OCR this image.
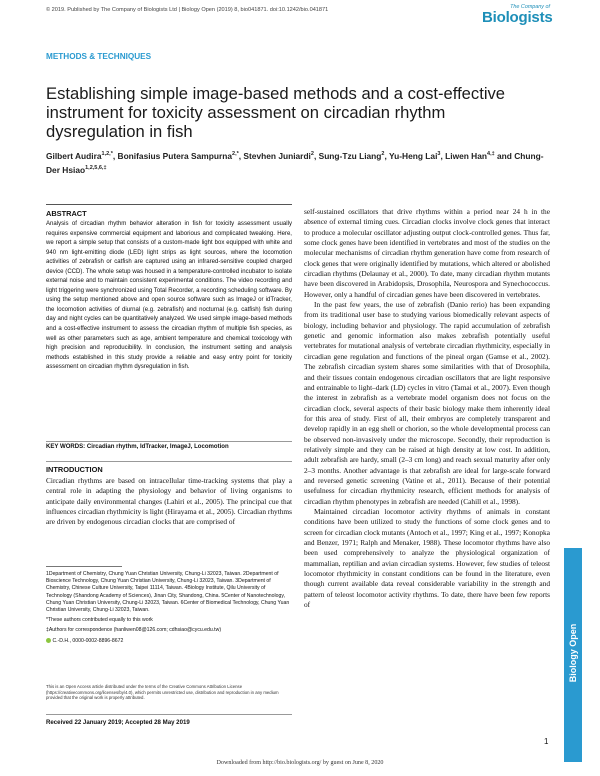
© 2019. Published by The Company of Biologists Ltd | Biology Open (2019) 8, bio041871. doi:10.1242/bio.041871	The Company of
Biologists
METHODS & TECHNIQUES
Establishing simple image-based methods and a cost-effective instrument for toxicity assessment on circadian rhythm dysregulation in fish
Gilbert Audira$^{1,2,*}$, Bonifasius Putera Sampurna$^{2,*}$, Stevhen Juniardi$^2$, Sung-Tzu Liang$^2$, Yu-Heng Lai$^3$, Liwen Han$^{4,\ddagger}$ and Chung-Der Hsiao$^{1,2,5,6,\ddagger}$
ABSTRACT
Analysis of circadian rhythm behavior alteration in fish for toxicity assessment usually requires expensive commercial equipment and laborious and complicated tweaking. Here, we report a simple setup that consists of a custom-made light box equipped with white and 940 nm light-emitting diode (LED) light strips as light sources, where the locomotion activities of zebrafish or catfish are captured using an infrared-sensitive coupled charged device (CCD). The whole setup was housed in a temperature-controlled incubator to isolate external noise and to maintain consistent experimental conditions. The video recording and light triggering were synchronized using Total Recorder, a recording scheduling software. By using the setup mentioned above and open source software such as ImageJ or idTracker, the locomotion activities of diurnal (e.g. zebrafish) and nocturnal (e.g. catfish) fish during day and night cycles can be quantitatively analyzed. We used simple image-based methods and a cost-effective instrument to assess the circadian rhythm of multiple fish species, as well as other parameters such as age, ambient temperature and chemical toxicology with high precision and reproducibility. In conclusion, the instrument setting and analysis methods established in this study provide a reliable and easy entry point for toxicity assessment on circadian rhythm dysregulation in fish.
KEY WORDS: Circadian rhythm, IdTracker, ImageJ, Locomotion
INTRODUCTION
Circadian rhythms are based on intracellular time-tracking systems that play a central role in adapting the physiology and behavior of living organisms to anticipate daily environmental changes (Lahiri et al., 2005). The principal cue that influences circadian rhythmicity is light (Hirayama et al., 2005). Circadian rhythms are driven by endogenous circadian clocks that are comprised of

1Department of Chemistry, Chung Yuan Christian University, Chung-Li 32023, Taiwan. 2Department of Bioscience Technology, Chung Yuan Christian University, Chung-Li 32023, Taiwan. 3Department of Chemistry, Chinese Culture University, Taipei 11114, Taiwan. 4Biology Institute, Qilu University of Technology (Shandong Academy of Sciences), Jinan City, Shandong, China. 5Center of Nanotechnology, Chung Yuan Christian University, Chung-Li 32023, Taiwan. 6Center of Biomedical Technology, Chung Yuan Christian University, Chung-Li 32023, Taiwan.

*These authors contributed equally to this work

‡Authors for correspondence (hanliwen08@126.com; cdhsiao@cycu.edu.tw)

C.-D.H., 0000-0002-8896-8672

This is an Open Access article distributed under the terms of the Creative Commons Attribution License (https://creativecommons.org/licenses/by/4.0), which permits unrestricted use, distribution and reproduction in any medium provided that the original work is properly attributed.
Received 22 January 2019; Accepted 28 May 2019

self-sustained oscillators that drive rhythms within a period near 24 h in the absence of external timing cues. Circadian clocks involve clock genes that interact to produce a molecular oscillator adjusting output clock-controlled genes. Thus far, some clock genes have been identified in vertebrates and most of the studies on the molecular mechanisms of circadian rhythm generation have come from research of clock genes that were originally identified by mutations, which altered or abolished circadian rhythms (Delaunay et al., 2000). To date, many circadian rhythm mutants have been discovered in Arabidopsis, Drosophila, Neurospora and Synechococcus. However, only a handful of circadian genes have been discovered in vertebrates.

In the past few years, the use of zebrafish (Danio rerio) has been expanding from its traditional user base to studying various biomedically relevant aspects of biology, including behavior and physiology. The rapid accumulation of zebrafish genetic and genomic information also makes zebrafish potentially useful vertebrates for mutational analysis of vertebrate circadian rhythmicity, especially in circadian gene regulation and functions of the pineal organ (Gamse et al., 2002). The zebrafish circadian system shares some similarities with that of Drosophila, and their tissues contain endogenous circadian oscillators that are light responsive and entrainable to light–dark (LD) cycles in vitro (Tamai et al., 2007). Even though the interest in zebrafish as a vertebrate model organism does not focus on the circadian clock, several aspects of their basic biology make them inherently ideal for this area of study. First of all, their embryos are completely transparent and develop rapidly in an egg shell or chorion, so the whole developmental process can be observed non-invasively under the microscope. Secondly, their reproduction is relatively simple and they can be raised at high density at low cost. In addition, adult zebrafish are hardy, small (2–3 cm long) and reach sexual maturity after only 2–3 months. Another advantage is that zebrafish are ideal for large-scale forward and reversed genetic screening (Vatine et al., 2011). Because of their potential usefulness for circadian rhythmicity research, efficient methods for analysis of circadian rhythm phenotypes in zebrafish are needed (Cahill et al., 1998).

Maintained circadian locomotor activity rhythms of animals in constant conditions have been utilized to study the functions of some clock genes and to screen for circadian clock mutants (Antoch et al., 1997; King et al., 1997; Konopka and Benzer, 1971; Ralph and Menaker, 1988). These locomotor rhythms have also been used comprehensively to analyze the physiological organization of mammalian, reptilian and avian circadian systems. However, few studies of teleost locomotor rhythmicity in constant conditions can be found in the literature, even though current available data reveal considerable variability in the strength and pattern of teleost locomotor activity rhythms. To date, there have been few reports of

Biology Open
1
Downloaded from http://bio.biologists.org/ by guest on June 8, 2020
